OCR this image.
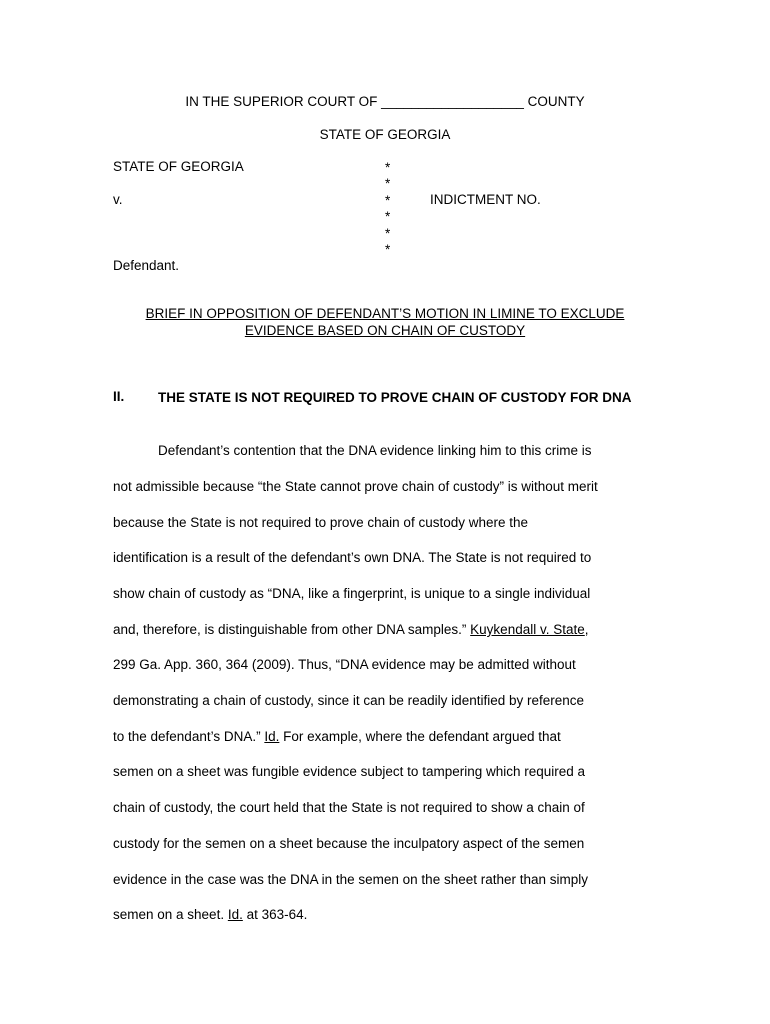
IN THE SUPERIOR COURT OF ___________________ COUNTY
STATE OF GEORGIA
STATE OF GEORGIA
v.
Defendant.
*
*
*
*
*
*
INDICTMENT NO.
BRIEF IN OPPOSITION OF DEFENDANT’S MOTION IN LIMINE TO EXCLUDE
EVIDENCE BASED ON CHAIN OF CUSTODY
II. THE STATE IS NOT REQUIRED TO PROVE CHAIN OF CUSTODY FOR DNA
Defendant’s contention that the DNA evidence linking him to this crime is
not admissible because “the State cannot prove chain of custody” is without merit
because the State is not required to prove chain of custody where the
identification is a result of the defendant’s own DNA. The State is not required to
show chain of custody as “DNA, like a fingerprint, is unique to a single individual
and, therefore, is distinguishable from other DNA samples.” Kuykendall v. State,
299 Ga. App. 360, 364 (2009). Thus, “DNA evidence may be admitted without
demonstrating a chain of custody, since it can be readily identified by reference
to the defendant’s DNA.” Id. For example, where the defendant argued that
semen on a sheet was fungible evidence subject to tampering which required a
chain of custody, the court held that the State is not required to show a chain of
custody for the semen on a sheet because the inculpatory aspect of the semen
evidence in the case was the DNA in the semen on the sheet rather than simply
semen on a sheet. Id. at 363-64.
